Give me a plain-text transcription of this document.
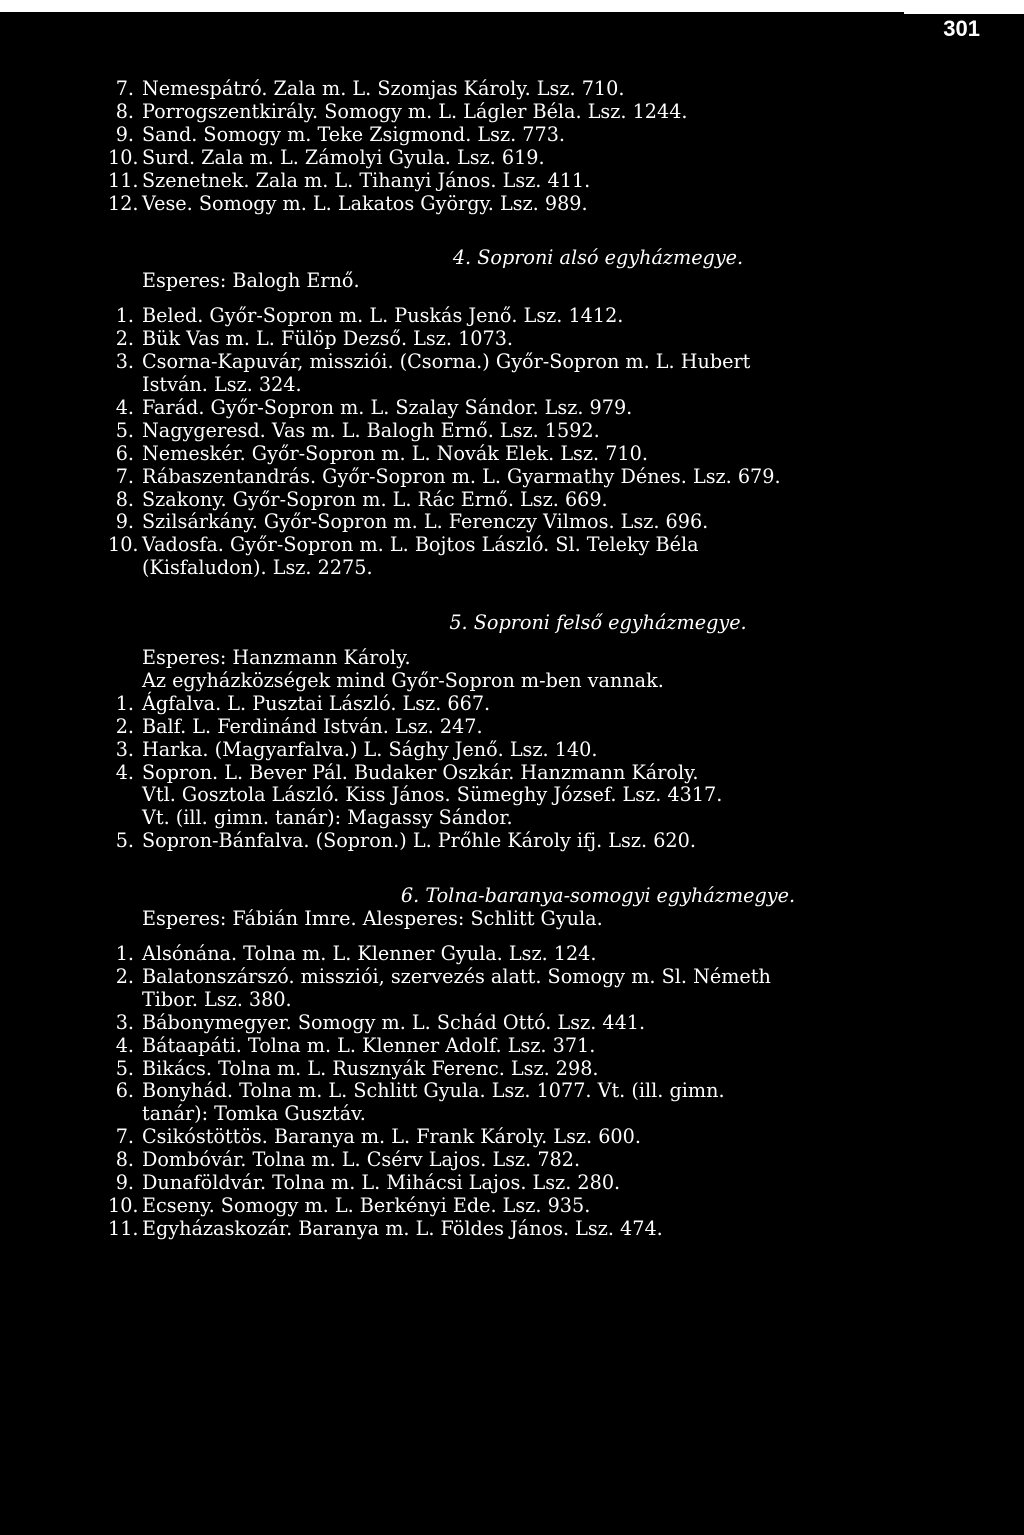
301
7. Nemespátró. Zala m. L. Szomjas Károly. Lsz. 710.
8. Porrogszentkirály. Somogy m. L. Lágler Béla. Lsz. 1244.
9. Sand. Somogy m. Teke Zsigmond. Lsz. 773.
10. Surd. Zala m. L. Zámolyi Gyula. Lsz. 619.
11. Szenetnek. Zala m. L. Tihanyi János. Lsz. 411.
12. Vese. Somogy m. L. Lakatos György. Lsz. 989.
4. Soproni alsó egyházmegye.
Esperes: Balogh Ernő.
1. Beled. Győr-Sopron m. L. Puskás Jenő. Lsz. 1412.
2. Bük Vas m. L. Fülöp Dezső. Lsz. 1073.
3. Csorna-Kapuvár, missziói. (Csorna.) Győr-Sopron m. L. Hubert
István. Lsz. 324.
4. Farád. Győr-Sopron m. L. Szalay Sándor. Lsz. 979.
5. Nagygeresd. Vas m. L. Balogh Ernő. Lsz. 1592.
6. Nemeskér. Győr-Sopron m. L. Novák Elek. Lsz. 710.
7. Rábaszentandrás. Győr-Sopron m. L. Gyarmathy Dénes. Lsz. 679.
8. Szakony. Győr-Sopron m. L. Rác Ernő. Lsz. 669.
9. Szilsárkány. Győr-Sopron m. L. Ferenczy Vilmos. Lsz. 696.
10. Vadosfa. Győr-Sopron m. L. Bojtos László. Sl. Teleky Béla
(Kisfaludon). Lsz. 2275.
5. Soproni felső egyházmegye.
Esperes: Hanzmann Károly.
Az egyházközségek mind Győr-Sopron m-ben vannak.
1. Ágfalva. L. Pusztai László. Lsz. 667.
2. Balf. L. Ferdinánd István. Lsz. 247.
3. Harka. (Magyarfalva.) L. Sághy Jenő. Lsz. 140.
4. Sopron. L. Bever Pál. Budaker Oszkár. Hanzmann Károly.
Vtl. Gosztola László. Kiss János. Sümeghy József. Lsz. 4317.
Vt. (ill. gimn. tanár): Magassy Sándor.
5. Sopron-Bánfalva. (Sopron.) L. Prőhle Károly ifj. Lsz. 620.
6. Tolna-baranya-somogyi egyházmegye.
Esperes: Fábián Imre. Alesperes: Schlitt Gyula.
1. Alsónána. Tolna m. L. Klenner Gyula. Lsz. 124.
2. Balatonszárszó. missziói, szervezés alatt. Somogy m. Sl. Németh
Tibor. Lsz. 380.
3. Bábonymegyer. Somogy m. L. Schád Ottó. Lsz. 441.
4. Bátaapáti. Tolna m. L. Klenner Adolf. Lsz. 371.
5. Bikács. Tolna m. L. Rusznyák Ferenc. Lsz. 298.
6. Bonyhád. Tolna m. L. Schlitt Gyula. Lsz. 1077. Vt. (ill. gimn.
tanár): Tomka Gusztáv.
7. Csikóstöttös. Baranya m. L. Frank Károly. Lsz. 600.
8. Dombóvár. Tolna m. L. Csérv Lajos. Lsz. 782.
9. Dunaföldvár. Tolna m. L. Mihácsi Lajos. Lsz. 280.
10. Ecseny. Somogy m. L. Berkényi Ede. Lsz. 935.
11. Egyházaskozár. Baranya m. L. Földes János. Lsz. 474.
